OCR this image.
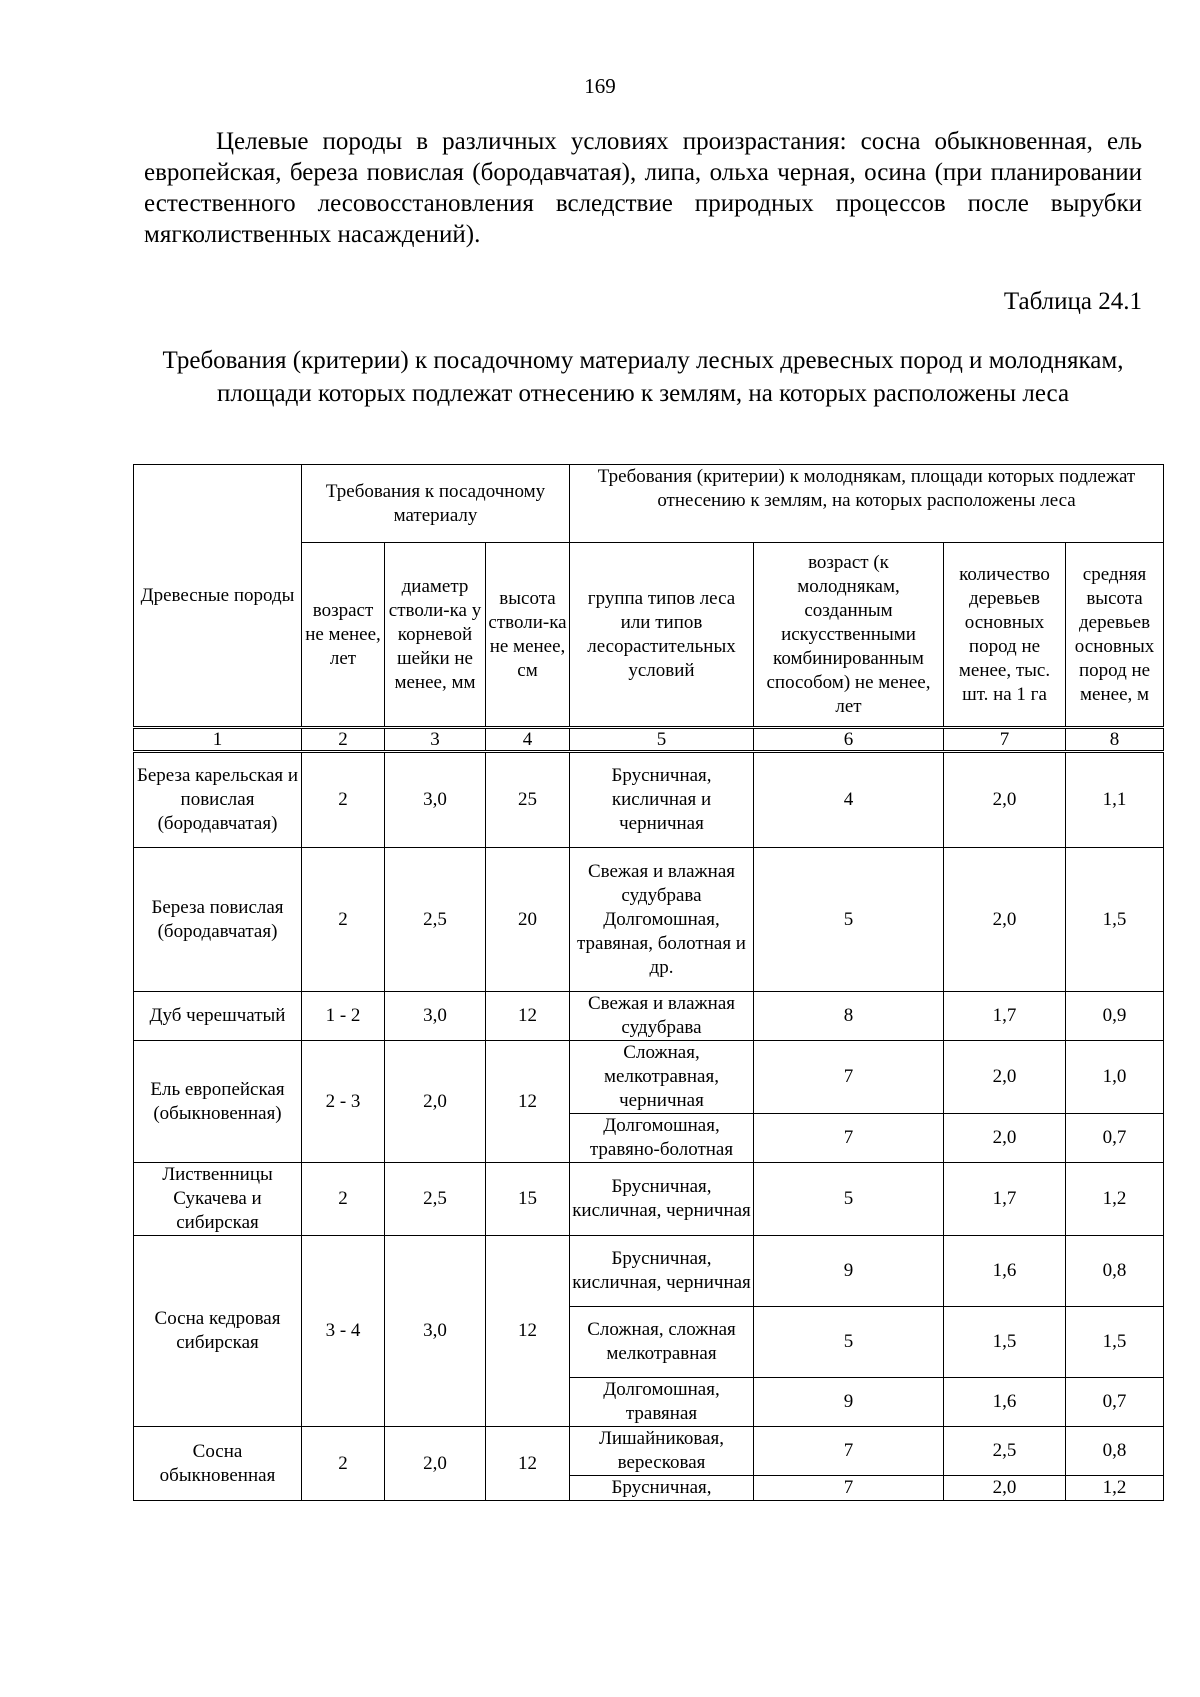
169

Целевые породы в различных условиях произрастания: сосна обыкновенная, ель европейская, береза повислая (бородавчатая), липа, ольха черная, осина (при планировании естественного лесовосстановления вследствие природных процессов после вырубки мягколиственных насаждений).

Таблица 24.1
Требования (критерии) к посадочному материалу лесных древесных пород и молоднякам, площади которых подлежат отнесению к землям, на которых расположены леса
Древесные породы	Требования к посадочному материалу			Требования (критерии) к молоднякам, площади которых подлежат отнесению к землям, на которых расположены леса			
	возраст не менее, лет	диаметр стволи-ка у корневой шейки не менее, мм	высота стволи-ка не менее, см	группа типов леса или типов лесорастительных условий	возраст (к молоднякам, созданным искусственными комбинированным способом) не менее, лет	количество деревьев основных пород не менее, тыс. шт. на 1 га	средняя высота деревьев основных пород не менее, м
1	2	3	4	5	6	7	8
Береза карельская и повислая (бородавчатая)	2	3,0	25	Брусничная, кисличная и черничная	4	2,0	1,1
Береза повислая (бородавчатая)	2	2,5	20	Свежая и влажная судубрава Долгомошная, травяная, болотная и др.	5	2,0	1,5
Дуб черешчатый	1 - 2	3,0	12	Свежая и влажная судубрава	8	1,7	0,9
Ель европейская (обыкновенная)	2 - 3	2,0	12	Сложная, мелкотравная, черничная	7	2,0	1,0
				Долгомошная, травяно-болотная	7	2,0	0,7
Лиственницы Сукачева и сибирская	2	2,5	15	Брусничная, кисличная, черничная	5	1,7	1,2
Сосна кедровая сибирская	3 - 4	3,0	12	Брусничная, кисличная, черничная	9	1,6	0,8
				Сложная, сложная мелкотравная	5	1,5	1,5
				Долгомошная, травяная	9	1,6	0,7
Сосна обыкновенная	2	2,0	12	Лишайниковая, вересковая	7	2,5	0,8
				Брусничная,	7	2,0	1,2
